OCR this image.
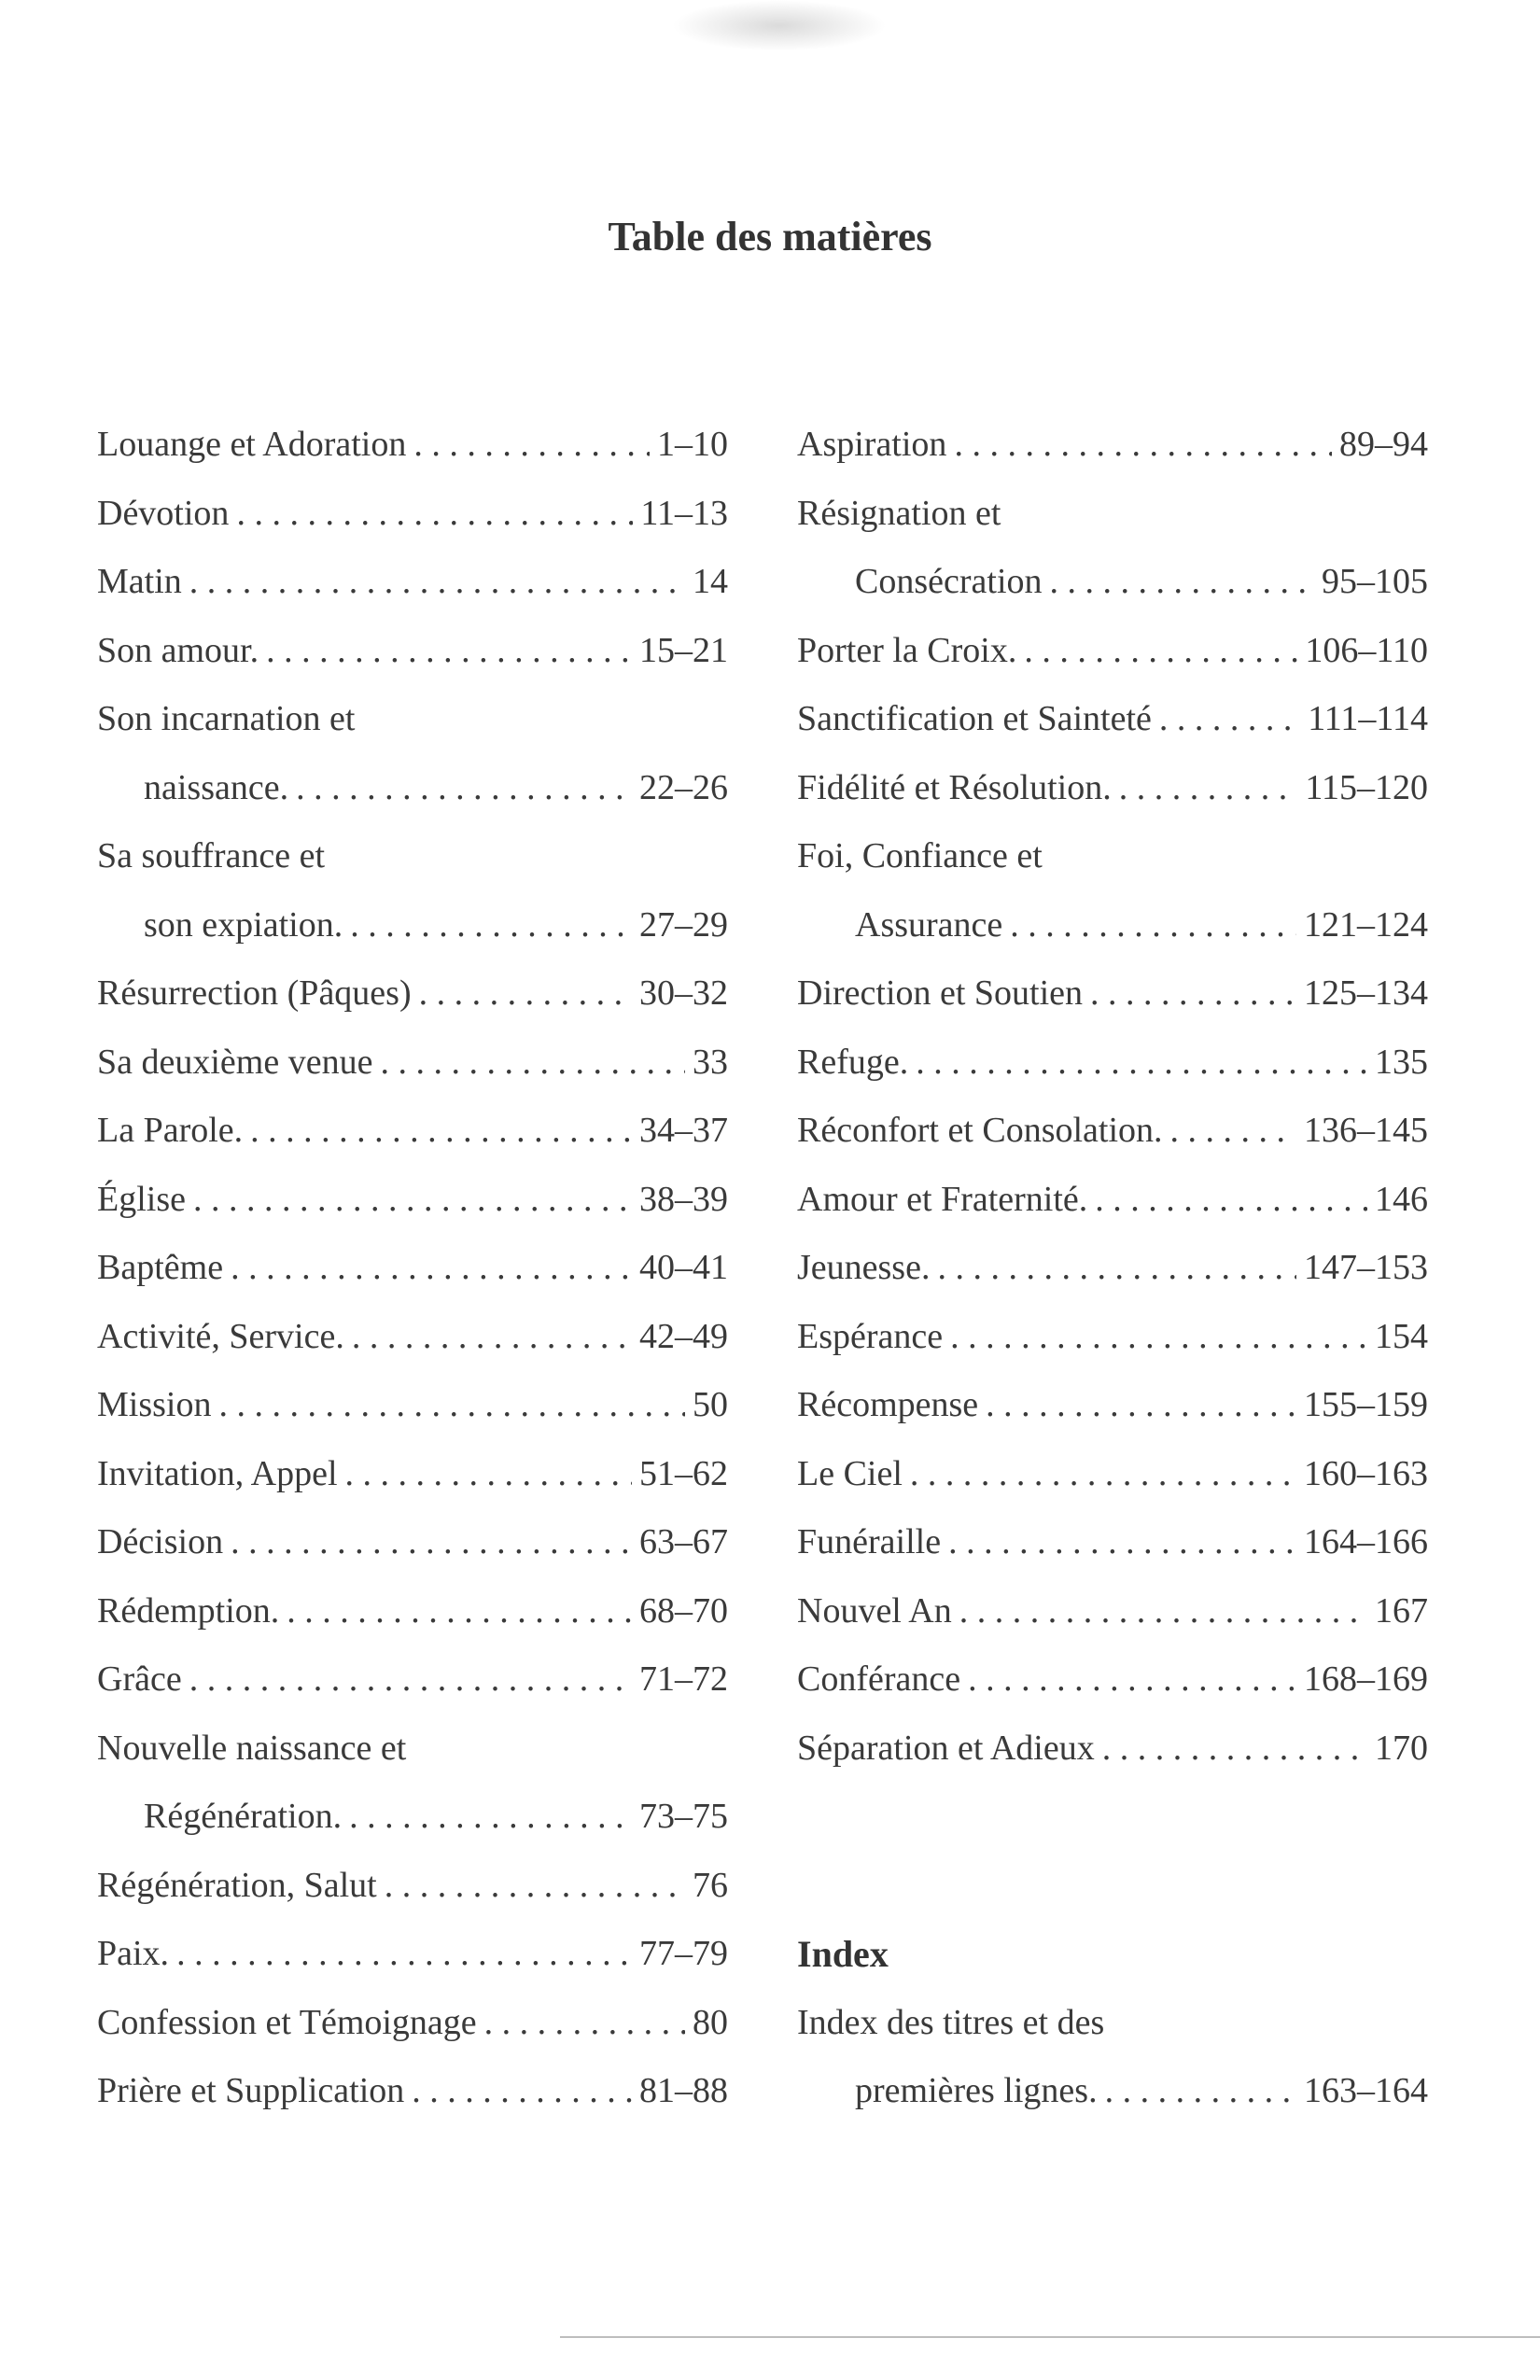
Table des matières
Louange et Adoration . . .	1–10
Dévotion . . .	11–13
Matin . . .	14
Son amour. . . .	15–21
Son incarnation et
naissance. . . .	22–26
Sa souffrance et
son expiation. . . .	27–29
Résurrection (Pâques) . . .	30–32
Sa deuxième venue . . .	33
La Parole. . . .	34–37
Église . . .	38–39
Baptême . . .	40–41
Activité, Service. . . .	42–49
Mission . . .	50
Invitation, Appel . . .	51–62
Décision . . .	63–67
Rédemption. . . .	68–70
Grâce . . .	71–72
Nouvelle naissance et
Régénération. . . .	73–75
Régénération, Salut . . .	76
Paix. . . .	77–79
Confession et Témoignage . . .	80
Prière et Supplication . . .	81–88
Aspiration . . .	89–94
Résignation et
Consécration . . .	95–105
Porter la Croix. . . .	106–110
Sanctification et Sainteté . . .	111–114
Fidélité et Résolution. . . .	115–120
Foi, Confiance et
Assurance . . .	121–124
Direction et Soutien . . .	125–134
Refuge. . . .	135
Réconfort et Consolation. . . .	136–145
Amour et Fraternité. . . .	146
Jeunesse. . . .	147–153
Espérance . . .	154
Récompense . . .	155–159
Le Ciel . . .	160–163
Funéraille . . .	164–166
Nouvel An . . .	167
Conférance . . .	168–169
Séparation et Adieux . . .	170
Index
Index des titres et des
premières lignes. . . .	163–164
